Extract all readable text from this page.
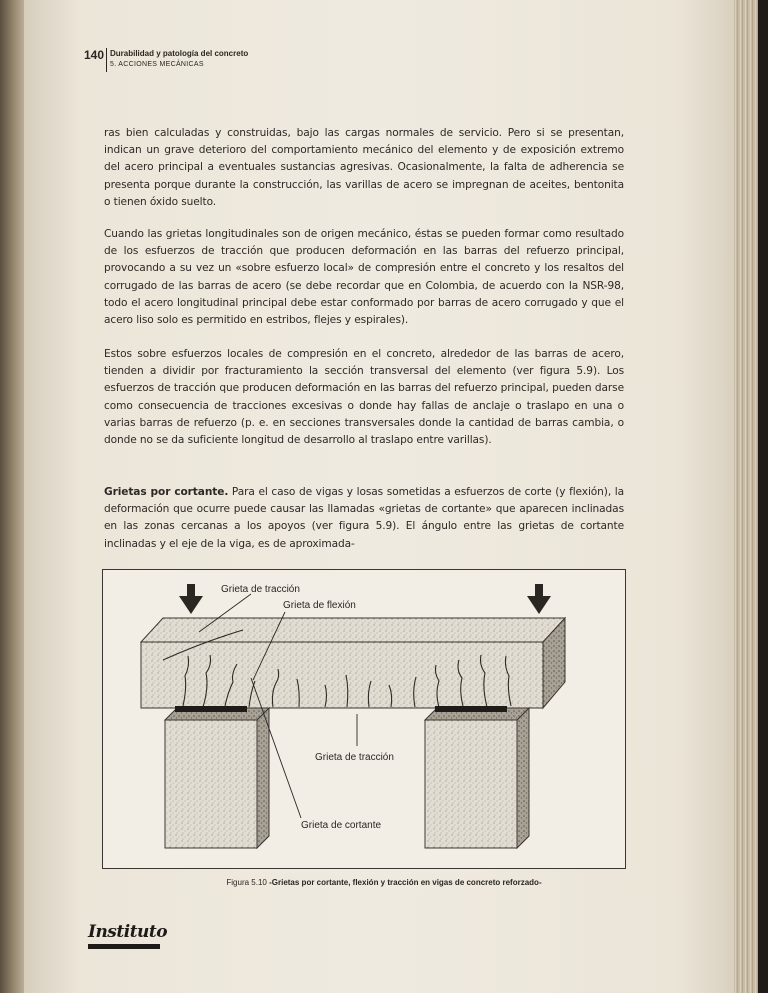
140 Durabilidad y patología del concreto
5. ACCIONES MECÁNICAS

ras bien calculadas y construidas, bajo las cargas normales de servicio. Pero si se presentan, indican un grave deterioro del comportamiento mecánico del elemento y de exposición extremo del acero principal a eventuales sustancias agresivas. Ocasionalmente, la falta de adherencia se presenta porque durante la construcción, las varillas de acero se impregnan de aceites, bentonita o tienen óxido suelto.

Cuando las grietas longitudinales son de origen mecánico, éstas se pueden formar como resultado de los esfuerzos de tracción que producen deformación en las barras del refuerzo principal, provocando a su vez un «sobre esfuerzo local» de compresión entre el concreto y los resaltos del corrugado de las barras de acero (se debe recordar que en Colombia, de acuerdo con la NSR-98, todo el acero longitudinal principal debe estar conformado por barras de acero corrugado y que el acero liso solo es permitido en estribos, flejes y espirales).

Estos sobre esfuerzos locales de compresión en el concreto, alrededor de las barras de acero, tienden a dividir por fracturamiento la sección transversal del elemento (ver figura 5.9). Los esfuerzos de tracción que producen deformación en las barras del refuerzo principal, pueden darse como consecuencia de tracciones excesivas o donde hay fallas de anclaje o traslapo en una o varias barras de refuerzo (p. e. en secciones transversales donde la cantidad de barras cambia, o donde no se da suficiente longitud de desarrollo al traslapo entre varillas).

Grietas por cortante. Para el caso de vigas y losas sometidas a esfuerzos de corte (y flexión), la deformación que ocurre puede causar las llamadas «grietas de cortante» que aparecen inclinadas en las zonas cercanas a los apoyos (ver figura 5.9). El ángulo entre las grietas de cortante inclinadas y el eje de la viga, es de aproximada-

Grieta de tracción
Grieta de flexión
Grieta de tracción
Grieta de cortante
Figura 5.10 -Grietas por cortante, flexión y tracción en vigas de concreto reforzado-
Instituto
